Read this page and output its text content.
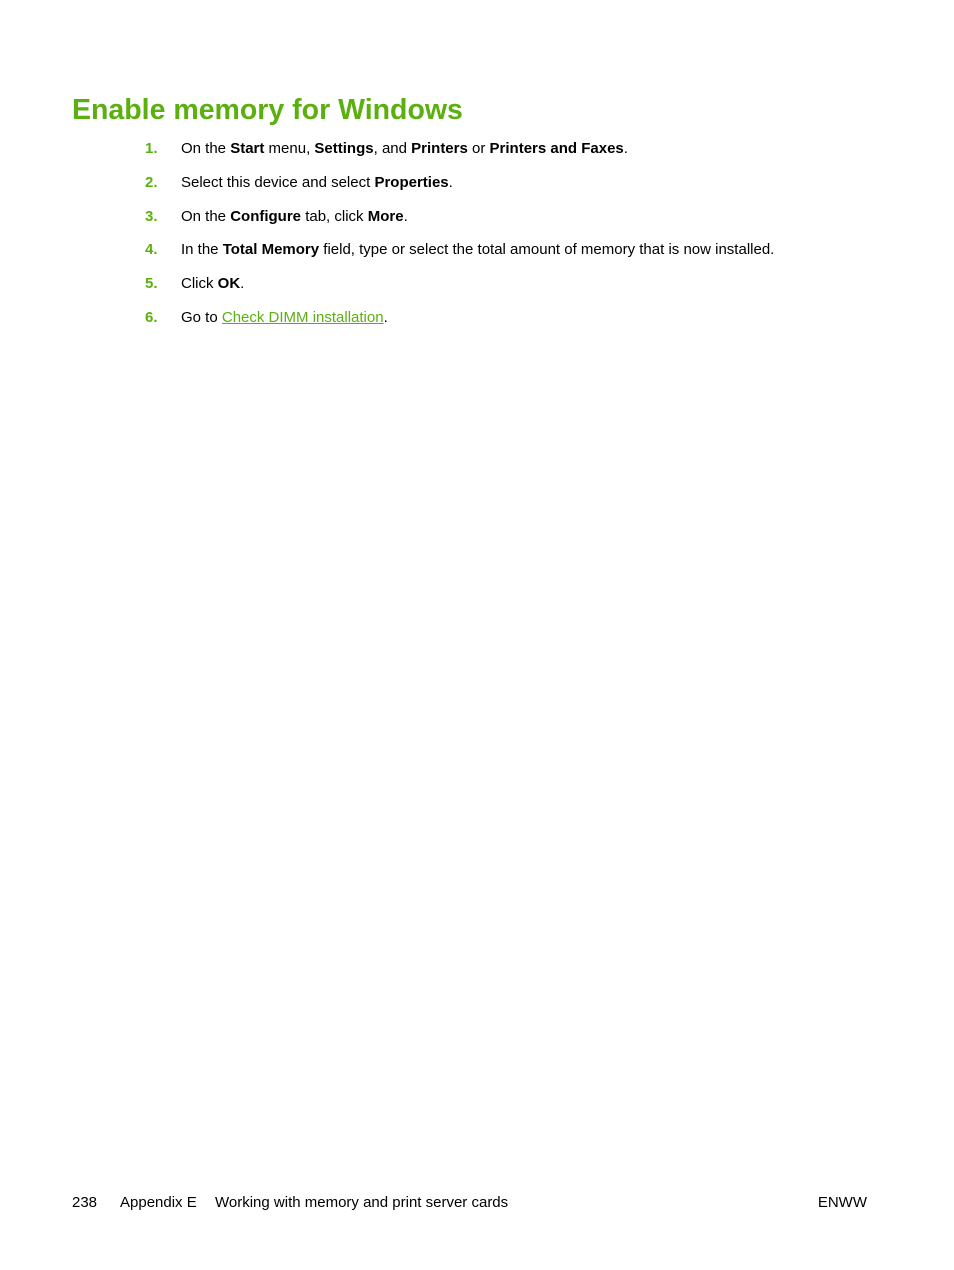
Enable memory for Windows
1. On the Start menu, Settings, and Printers or Printers and Faxes.
2. Select this device and select Properties.
3. On the Configure tab, click More.
4. In the Total Memory field, type or select the total amount of memory that is now installed.
5. Click OK.
6. Go to Check DIMM installation.
238 Appendix E Working with memory and print server cards	ENWW
